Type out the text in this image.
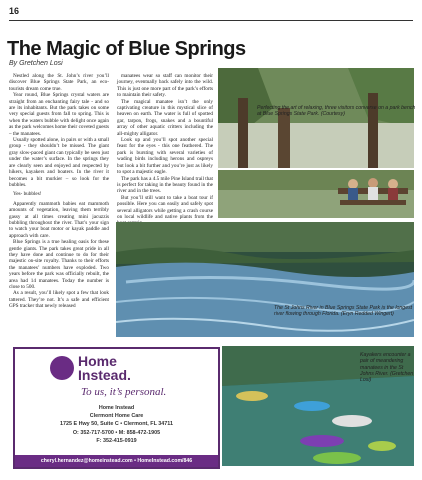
16
The Magic of Blue Springs
By Gretchen Losi

Nestled along the St. John’s river you’ll discover Blue Springs State Park, an eco-tourists dream come true.

Year round, Blue Springs crystal waters are straight from an enchanting fairy tale - and so are its inhabitants. But the park takes on some very special guests from fall to spring. This is when the waters bubble with delight once again as the park welcomes home their coveted guests – the manatees.

Usually spotted alone, in pairs or with a small group - they shouldn’t be missed. The giant gray slow-paced giant can typically be seen just under the water’s surface. In the springs they are clearly seen and enjoyed and respected by hikers, kayakers and boaters. In the river it becomes a bit murkier – so look for the bubbles.

Yes- bubbles!

Apparently mammoth babies eat mammoth amounts of vegetation, leaving them terribly gassy at all times creating mini jacuzzis bubbling throughout the river. That’s your sign to watch your boat motor or kayak paddle and approach with care.

Blue Springs is a true healing oasis for these gentle giants. The park takes great pride in all they have done and continue to do for their majestic on-site royalty. Thanks to their efforts the manatees’ numbers have exploded. Two years before the park was officially rebuilt, the area had 14 manatees. Today the number is close to 500.

As a result, you’ll likely spot a few that look tattered. They’re not. It’s a safe and efficient GPS tracker that newly released

manatees wear so staff can monitor their journey, eventually back safely into the wild. This is just one more part of the park’s efforts to maintain their safety.

The magical manatee isn’t the only captivating creature in this mystical slice of heaven on earth. The water is full of spotted gar, tarpon, frogs, snakes and a bountiful array of other aquatic critters including the all-mighty alligator.

Look up and you’ll spot another special feast for the eyes - this one feathered. The park is bursting with several varieties of wading birds including herons and ospreys but look a bit further and you’re just as likely to spot a majestic eagle.

The park has a 4.5 mile Pine Island trail that is perfect for taking in the beauty found in the river and in the trees.

But you’ll still want to take a boat tour if possible. Here you can easily and safely spot several alligators while getting a crash course on local wildlife and native plants from the

Perfecting the art of relaxing, three visitors converse on a park bench at Blue Springs State Park. (Courtesy)
The St Johns River in Blue Springs State Park is the longest river flowing through Florida. (Eryn Redded Wingert)
Kayakers encounter a pair of meandering manatees in the St Johns River. (Gretchen Losi)
Home
Instead.
To us, it’s personal.
Home Instead
Clermont Home Care
1725 E Hwy 50, Suite C • Clermont, FL 34711
O: 352-717-5700 • M: 858-472-1905
F: 352-415-0919
cheryl.hernandez@homeinstead.com • HomeInstead.com/846
